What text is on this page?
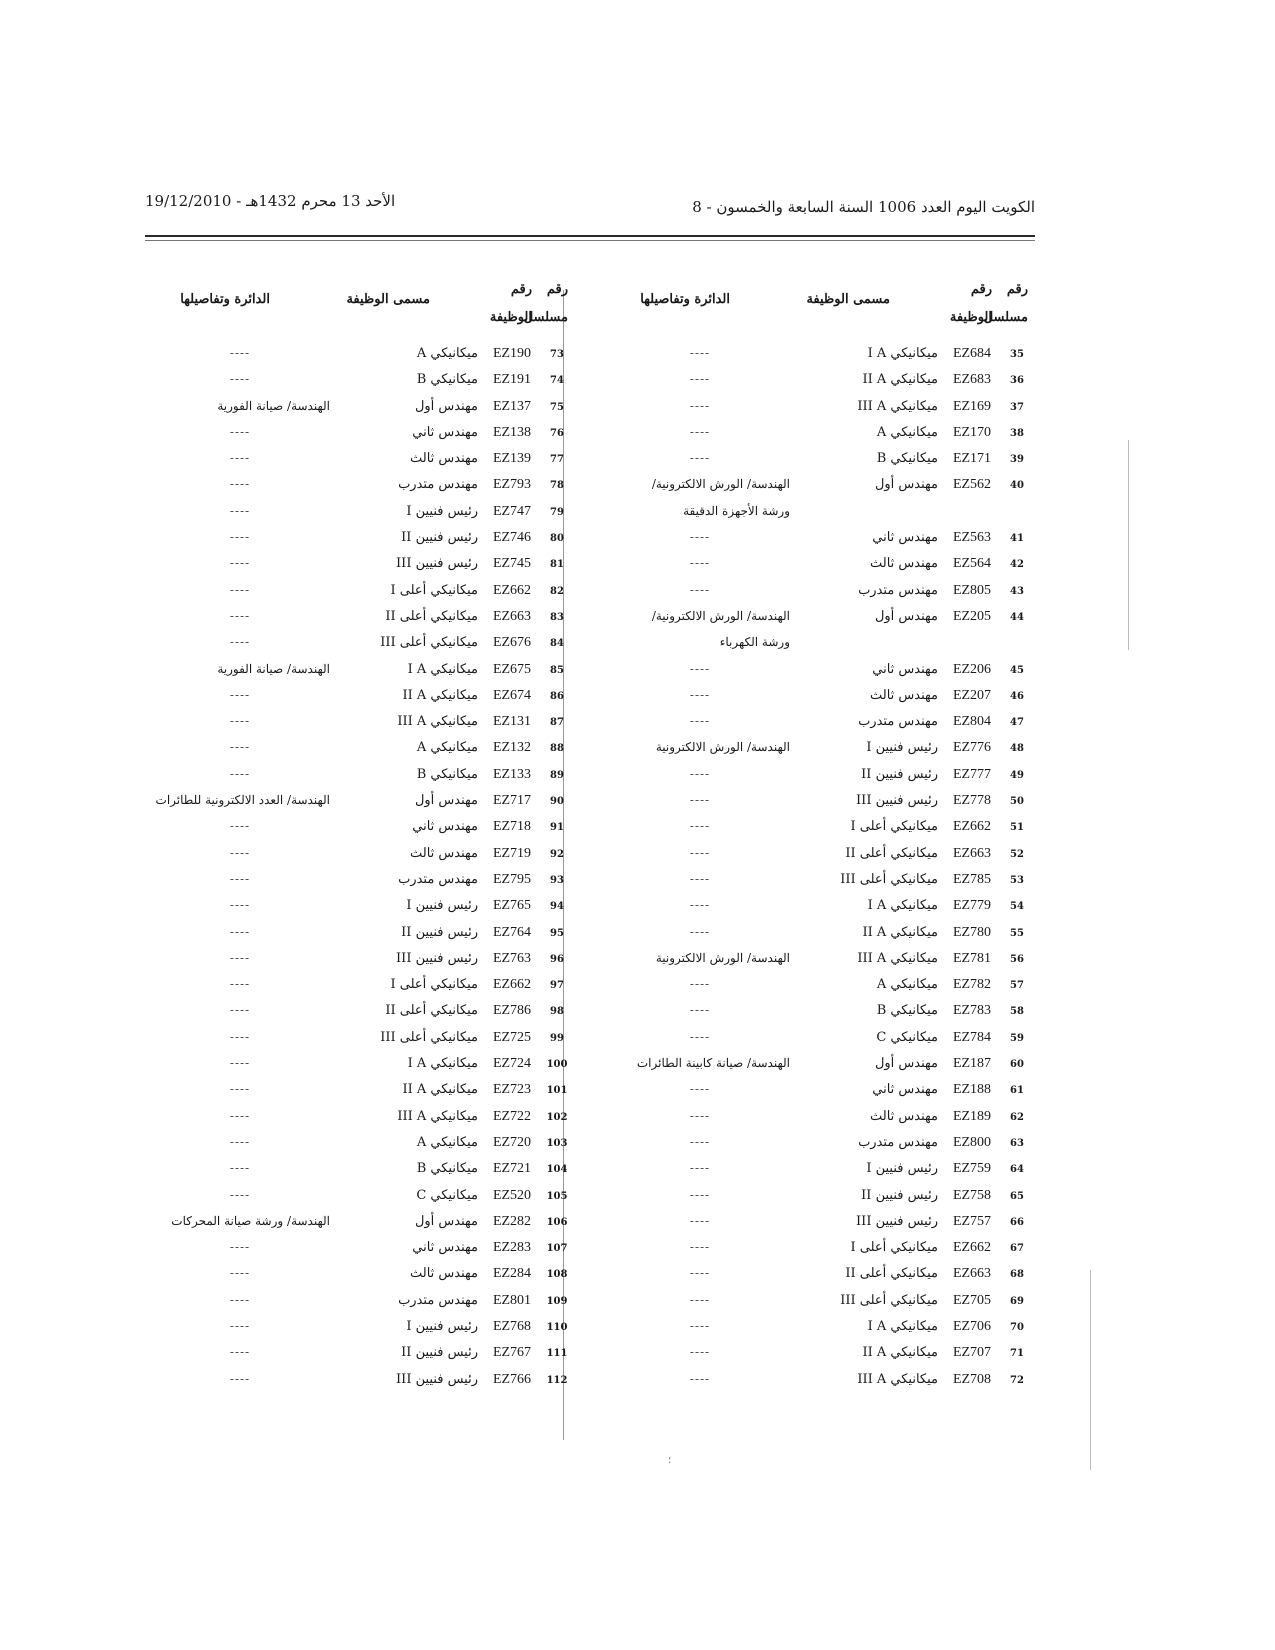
الكويت اليوم العدد 1006 السنة السابعة والخمسون - 8
الأحد 13 محرم 1432هـ - 19/12/2010
رقم
رقم
مسلسل
الوظيفة
مسمى الوظيفة
الدائرة وتفاصيلها
35
EZ684
ميكانيكي I A
----
36
EZ683
ميكانيكي II A
----
37
EZ169
ميكانيكي III A
----
38
EZ170
ميكانيكي A
----
39
EZ171
ميكانيكي B
----
40
EZ562
مهندس أول
الهندسة/ الورش الالكترونية/
ورشة الأجهزة الدقيقة
41
EZ563
مهندس ثاني
----
42
EZ564
مهندس ثالث
----
43
EZ805
مهندس متدرب
----
44
EZ205
مهندس أول
الهندسة/ الورش الالكترونية/
ورشة الكهرباء
45
EZ206
مهندس ثاني
----
46
EZ207
مهندس ثالث
----
47
EZ804
مهندس متدرب
----
48
EZ776
رئيس فنيين I
الهندسة/ الورش الالكترونية
49
EZ777
رئيس فنيين II
----
50
EZ778
رئيس فنيين III
----
51
EZ662
ميكانيكي أعلى I
----
52
EZ663
ميكانيكي أعلى II
----
53
EZ785
ميكانيكي أعلى III
----
54
EZ779
ميكانيكي I A
----
55
EZ780
ميكانيكي II A
----
56
EZ781
ميكانيكي III A
الهندسة/ الورش الالكترونية
57
EZ782
ميكانيكي A
----
58
EZ783
ميكانيكي B
----
59
EZ784
ميكانيكي C
----
60
EZ187
مهندس أول
الهندسة/ صيانة كابينة الطائرات
61
EZ188
مهندس ثاني
----
62
EZ189
مهندس ثالث
----
63
EZ800
مهندس متدرب
----
64
EZ759
رئيس فنيين I
----
65
EZ758
رئيس فنيين II
----
66
EZ757
رئيس فنيين III
----
67
EZ662
ميكانيكي أعلى I
----
68
EZ663
ميكانيكي أعلى II
----
69
EZ705
ميكانيكي أعلى III
----
70
EZ706
ميكانيكي I A
----
71
EZ707
ميكانيكي II A
----
72
EZ708
ميكانيكي III A
----
رقم
رقم
مسلسل
الوظيفة
مسمى الوظيفة
الدائرة وتفاصيلها
73
EZ190
ميكانيكي A
----
74
EZ191
ميكانيكي B
----
75
EZ137
مهندس أول
الهندسة/ صيانة الفورية
76
EZ138
مهندس ثاني
----
77
EZ139
مهندس ثالث
----
78
EZ793
مهندس متدرب
----
79
EZ747
رئيس فنيين I
----
80
EZ746
رئيس فنيين II
----
81
EZ745
رئيس فنيين III
----
82
EZ662
ميكانيكي أعلى I
----
83
EZ663
ميكانيكي أعلى II
----
84
EZ676
ميكانيكي أعلى III
----
85
EZ675
ميكانيكي I A
الهندسة/ صيانة الفورية
86
EZ674
ميكانيكي II A
----
87
EZ131
ميكانيكي III A
----
88
EZ132
ميكانيكي A
----
89
EZ133
ميكانيكي B
----
90
EZ717
مهندس أول
الهندسة/ العدد الالكترونية للطائرات
91
EZ718
مهندس ثاني
----
92
EZ719
مهندس ثالث
----
93
EZ795
مهندس متدرب
----
94
EZ765
رئيس فنيين I
----
95
EZ764
رئيس فنيين II
----
96
EZ763
رئيس فنيين III
----
97
EZ662
ميكانيكي أعلى I
----
98
EZ786
ميكانيكي أعلى II
----
99
EZ725
ميكانيكي أعلى III
----
100
EZ724
ميكانيكي I A
----
101
EZ723
ميكانيكي II A
----
102
EZ722
ميكانيكي III A
----
103
EZ720
ميكانيكي A
----
104
EZ721
ميكانيكي B
----
105
EZ520
ميكانيكي C
----
106
EZ282
مهندس أول
الهندسة/ ورشة صيانة المحركات
107
EZ283
مهندس ثاني
----
108
EZ284
مهندس ثالث
----
109
EZ801
مهندس متدرب
----
110
EZ768
رئيس فنيين I
----
111
EZ767
رئيس فنيين II
----
112
EZ766
رئيس فنيين III
----
؛
